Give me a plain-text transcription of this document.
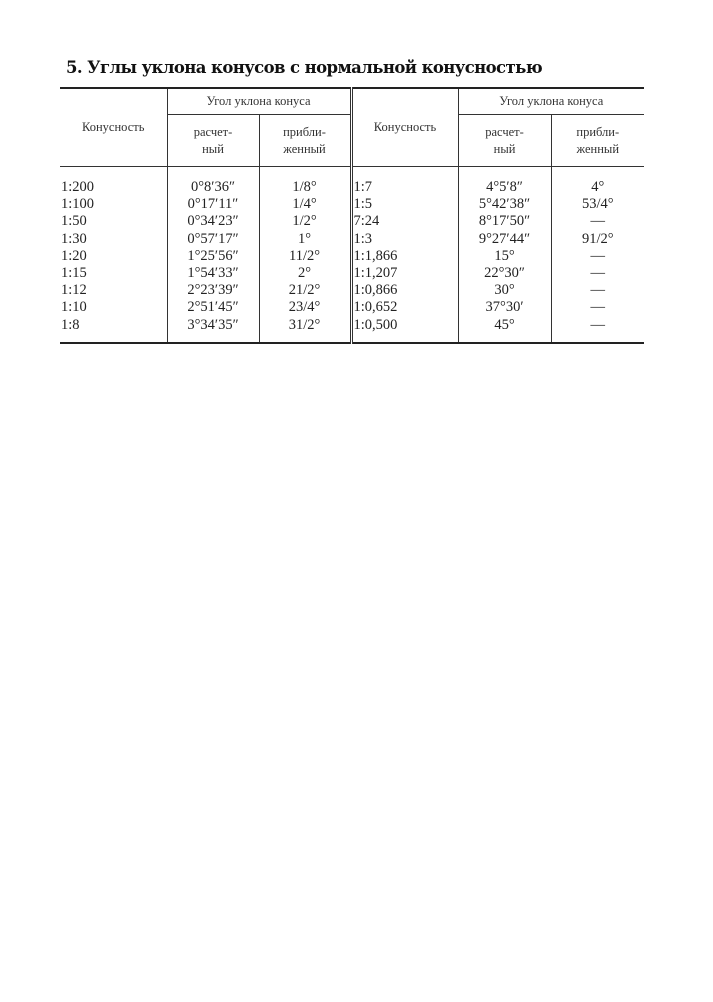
5. Углы уклона конусов с нормальной конусностью
Конусность	Угол уклона конуса		Конусность	Угол уклона конуса	
	расчет-
ный	прибли-
женный		расчет-
ный	прибли-
женный
1:200	0°8′36″	1/8°	1:7	4°5′8″	4°
1:100	0°17′11″	1/4°	1:5	5°42′38″	53/4°
1:50	0°34′23″	1/2°	7:24	8°17′50″	—
1:30	0°57′17″	1°	1:3	9°27′44″	91/2°
1:20	1°25′56″	11/2°	1:1,866	15°	—
1:15	1°54′33″	2°	1:1,207	22°30″	—
1:12	2°23′39″	21/2°	1:0,866	30°	—
1:10	2°51′45″	23/4°	1:0,652	37°30′	—
1:8	3°34′35″	31/2°	1:0,500	45°	—
